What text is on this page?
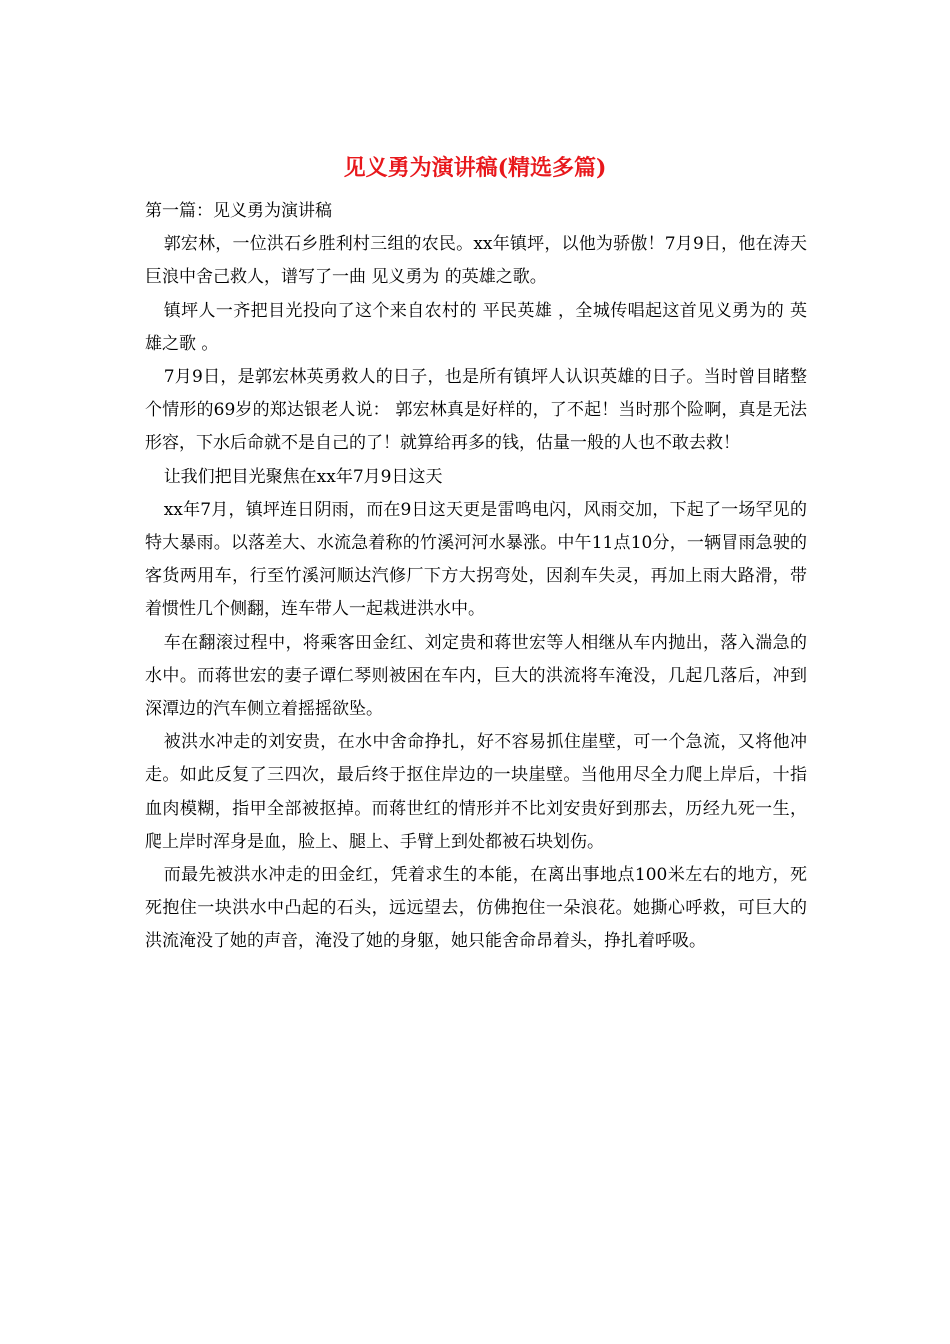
见义勇为演讲稿(精选多篇)

第一篇：见义勇为演讲稿

郭宏林，一位洪石乡胜利村三组的农民。xx年镇坪，以他为骄傲！7月9日，他在涛天巨浪中舍己救人，谱写了一曲 见义勇为 的英雄之歌。

镇坪人一齐把目光投向了这个来自农村的 平民英雄 ，全城传唱起这首见义勇为的 英雄之歌 。

7月9日，是郭宏林英勇救人的日子，也是所有镇坪人认识英雄的日子。当时曾目睹整个情形的69岁的郑达银老人说： 郭宏林真是好样的，了不起！当时那个险啊，真是无法形容，下水后命就不是自己的了！就算给再多的钱，估量一般的人也不敢去救！

让我们把目光聚焦在xx年7月9日这天

xx年7月，镇坪连日阴雨，而在9日这天更是雷鸣电闪，风雨交加，下起了一场罕见的特大暴雨。以落差大、水流急着称的竹溪河河水暴涨。中午11点10分，一辆冒雨急驶的客货两用车，行至竹溪河顺达汽修厂下方大拐弯处，因刹车失灵，再加上雨大路滑，带着惯性几个侧翻，连车带人一起栽进洪水中。

车在翻滚过程中，将乘客田金红、刘定贵和蒋世宏等人相继从车内抛出，落入湍急的水中。而蒋世宏的妻子谭仁琴则被困在车内，巨大的洪流将车淹没，几起几落后，冲到深潭边的汽车侧立着摇摇欲坠。

被洪水冲走的刘安贵，在水中舍命挣扎，好不容易抓住崖壁，可一个急流，又将他冲走。如此反复了三四次，最后终于抠住岸边的一块崖壁。当他用尽全力爬上岸后，十指血肉模糊，指甲全部被抠掉。而蒋世红的情形并不比刘安贵好到那去，历经九死一生，爬上岸时浑身是血，脸上、腿上、手臂上到处都被石块划伤。

而最先被洪水冲走的田金红，凭着求生的本能，在离出事地点100米左右的地方，死死抱住一块洪水中凸起的石头，远远望去，仿佛抱住一朵浪花。她撕心呼救，可巨大的洪流淹没了她的声音，淹没了她的身躯，她只能舍命昂着头，挣扎着呼吸。
